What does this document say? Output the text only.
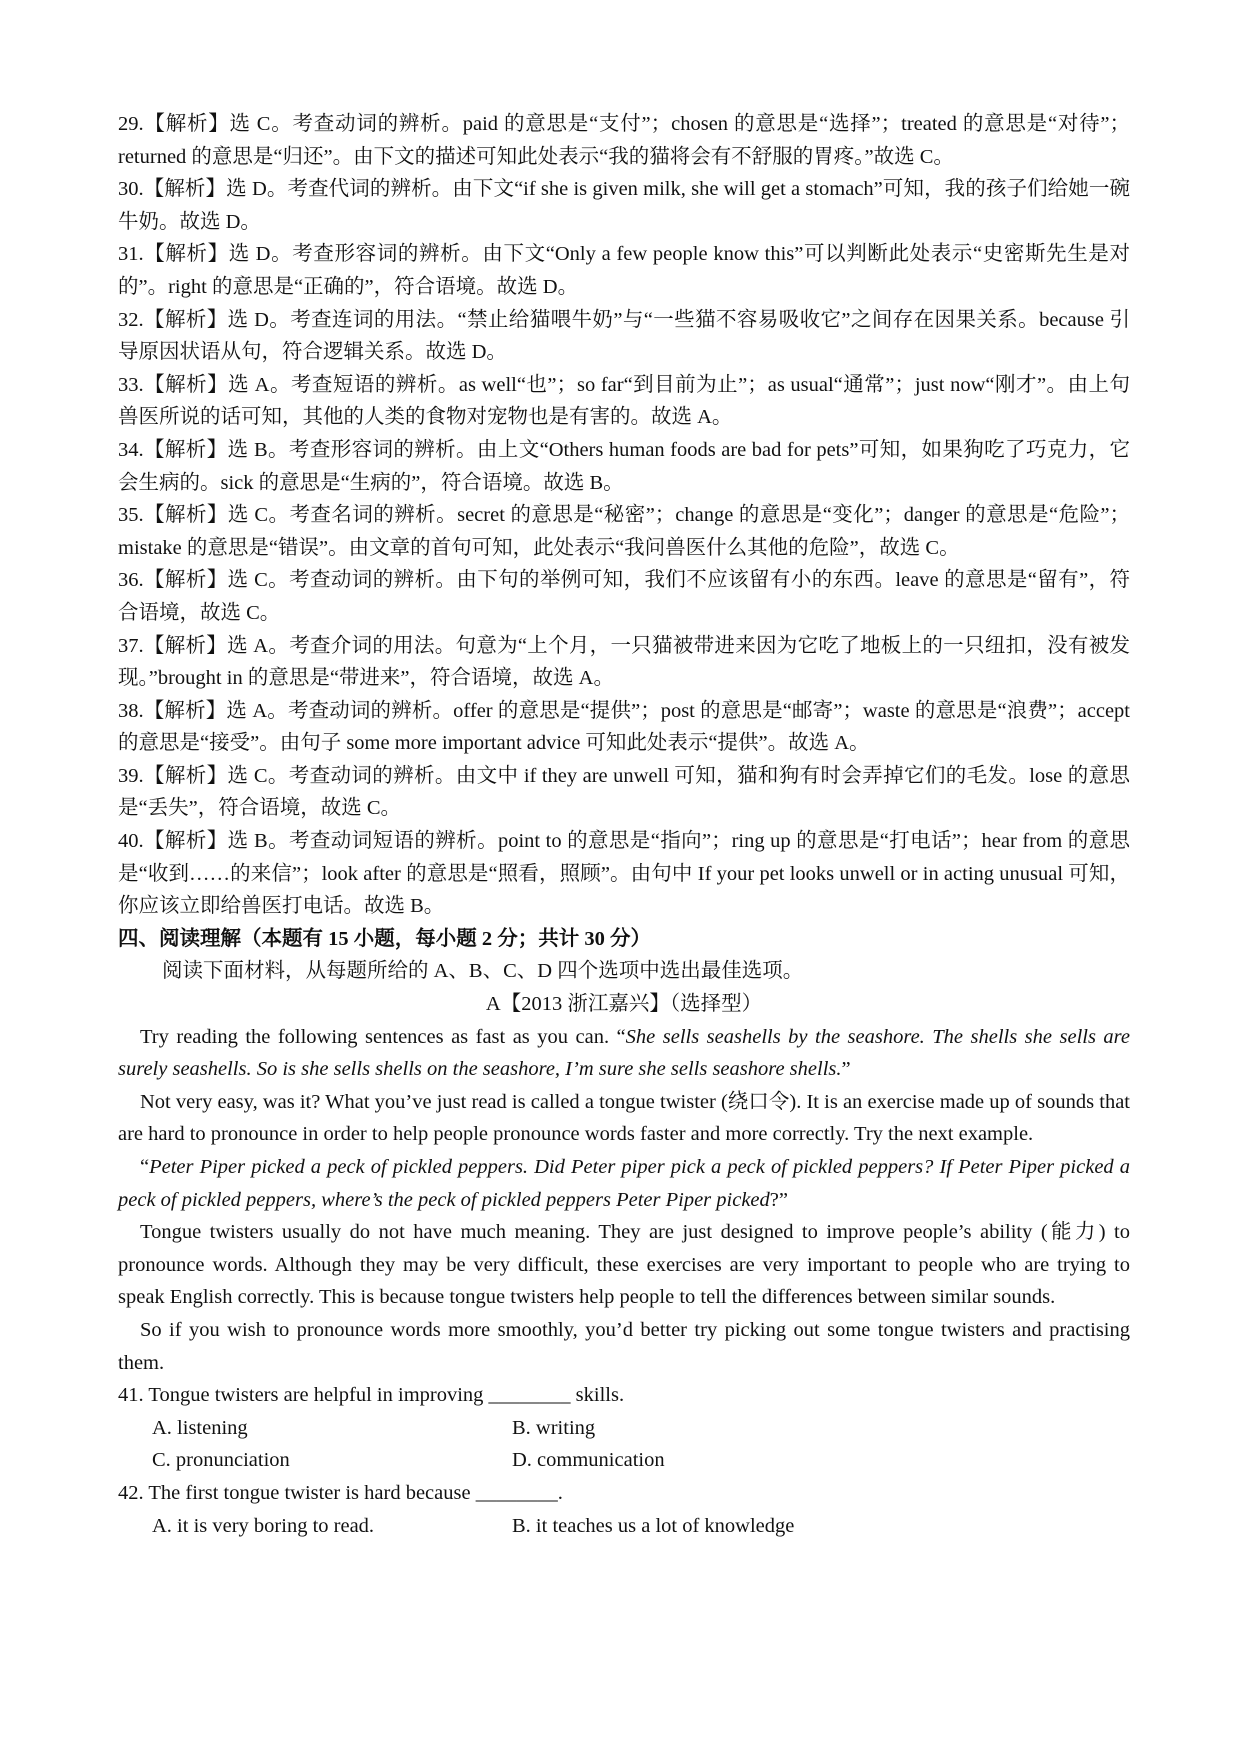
29.【解析】选 C。考查动词的辨析。paid 的意思是“支付”；chosen 的意思是“选择”；treated 的意思是“对待”；returned 的意思是“归还”。由下文的描述可知此处表示“我的猫将会有不舒服的胃疼。”故选 C。

30.【解析】选 D。考查代词的辨析。由下文“if she is given milk, she will get a stomach”可知，我的孩子们给她一碗牛奶。故选 D。

31.【解析】选 D。考查形容词的辨析。由下文“Only a few people know this”可以判断此处表示“史密斯先生是对的”。right 的意思是“正确的”，符合语境。故选 D。

32.【解析】选 D。考查连词的用法。“禁止给猫喂牛奶”与“一些猫不容易吸收它”之间存在因果关系。because 引导原因状语从句，符合逻辑关系。故选 D。

33.【解析】选 A。考查短语的辨析。as well“也”；so far“到目前为止”；as usual“通常”；just now“刚才”。由上句兽医所说的话可知，其他的人类的食物对宠物也是有害的。故选 A。

34.【解析】选 B。考查形容词的辨析。由上文“Others human foods are bad for pets”可知，如果狗吃了巧克力，它会生病的。sick 的意思是“生病的”，符合语境。故选 B。

35.【解析】选 C。考查名词的辨析。secret 的意思是“秘密”；change 的意思是“变化”；danger 的意思是“危险”；mistake 的意思是“错误”。由文章的首句可知，此处表示“我问兽医什么其他的危险”，故选 C。

36.【解析】选 C。考查动词的辨析。由下句的举例可知，我们不应该留有小的东西。leave 的意思是“留有”，符合语境，故选 C。

37.【解析】选 A。考查介词的用法。句意为“上个月，一只猫被带进来因为它吃了地板上的一只纽扣，没有被发现。”brought in 的意思是“带进来”，符合语境，故选 A。

38.【解析】选 A。考查动词的辨析。offer 的意思是“提供”；post 的意思是“邮寄”；waste 的意思是“浪费”；accept 的意思是“接受”。由句子 some more important advice 可知此处表示“提供”。故选 A。

39.【解析】选 C。考查动词的辨析。由文中 if they are unwell 可知，猫和狗有时会弄掉它们的毛发。lose 的意思是“丢失”，符合语境，故选 C。

40.【解析】选 B。考查动词短语的辨析。point to 的意思是“指向”；ring up 的意思是“打电话”；hear from 的意思是“收到……的来信”；look after 的意思是“照看，照顾”。由句中 If your pet looks unwell or in acting unusual 可知，你应该立即给兽医打电话。故选 B。

四、阅读理解（本题有 15 小题，每小题 2 分；共计 30 分）

阅读下面材料，从每题所给的 A、B、C、D 四个选项中选出最佳选项。

A【2013 浙江嘉兴】（选择型）

Try reading the following sentences as fast as you can. “She sells seashells by the seashore. The shells she sells are surely seashells. So is she sells shells on the seashore, I’m sure she sells seashore shells.”

Not very easy, was it? What you’ve just read is called a tongue twister (绕口令). It is an exercise made up of sounds that are hard to pronounce in order to help people pronounce words faster and more correctly. Try the next example.

“Peter Piper picked a peck of pickled peppers. Did Peter piper pick a peck of pickled peppers? If Peter Piper picked a peck of pickled peppers, where’s the peck of pickled peppers Peter Piper picked?”

Tongue twisters usually do not have much meaning. They are just designed to improve people’s ability (能力) to pronounce words. Although they may be very difficult, these exercises are very important to people who are trying to speak English correctly. This is because tongue twisters help people to tell the differences between similar sounds.

So if you wish to pronounce words more smoothly, you’d better try picking out some tongue twisters and practising them.

41. Tongue twisters are helpful in improving ________ skills.

A. listening	B. writing
C. pronunciation	D. communication

42. The first tongue twister is hard because ________.

A. it is very boring to read.	B. it teaches us a lot of knowledge
